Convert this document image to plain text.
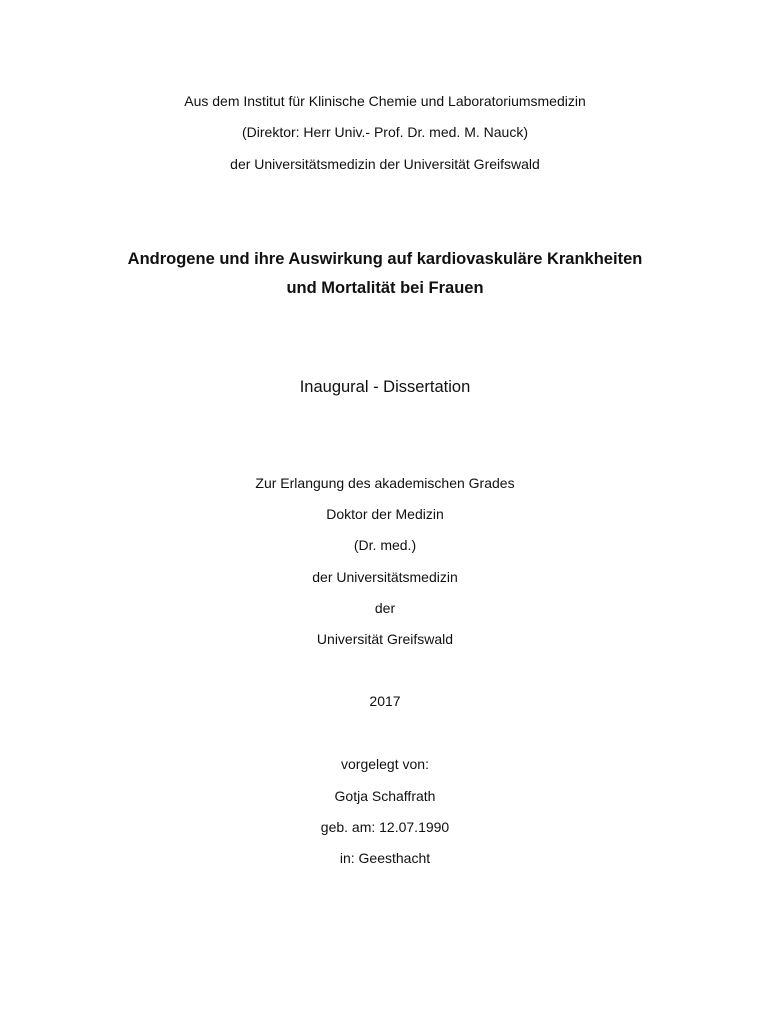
Aus dem Institut für Klinische Chemie und Laboratoriumsmedizin
(Direktor: Herr Univ.- Prof. Dr. med. M. Nauck)
der Universitätsmedizin der Universität Greifswald
Androgene und ihre Auswirkung auf kardiovaskuläre Krankheiten
und Mortalität bei Frauen
Inaugural - Dissertation
Zur Erlangung des akademischen Grades
Doktor der Medizin
(Dr. med.)
der Universitätsmedizin
der
Universität Greifswald
2017
vorgelegt von:
Gotja Schaffrath
geb. am: 12.07.1990
in: Geesthacht
